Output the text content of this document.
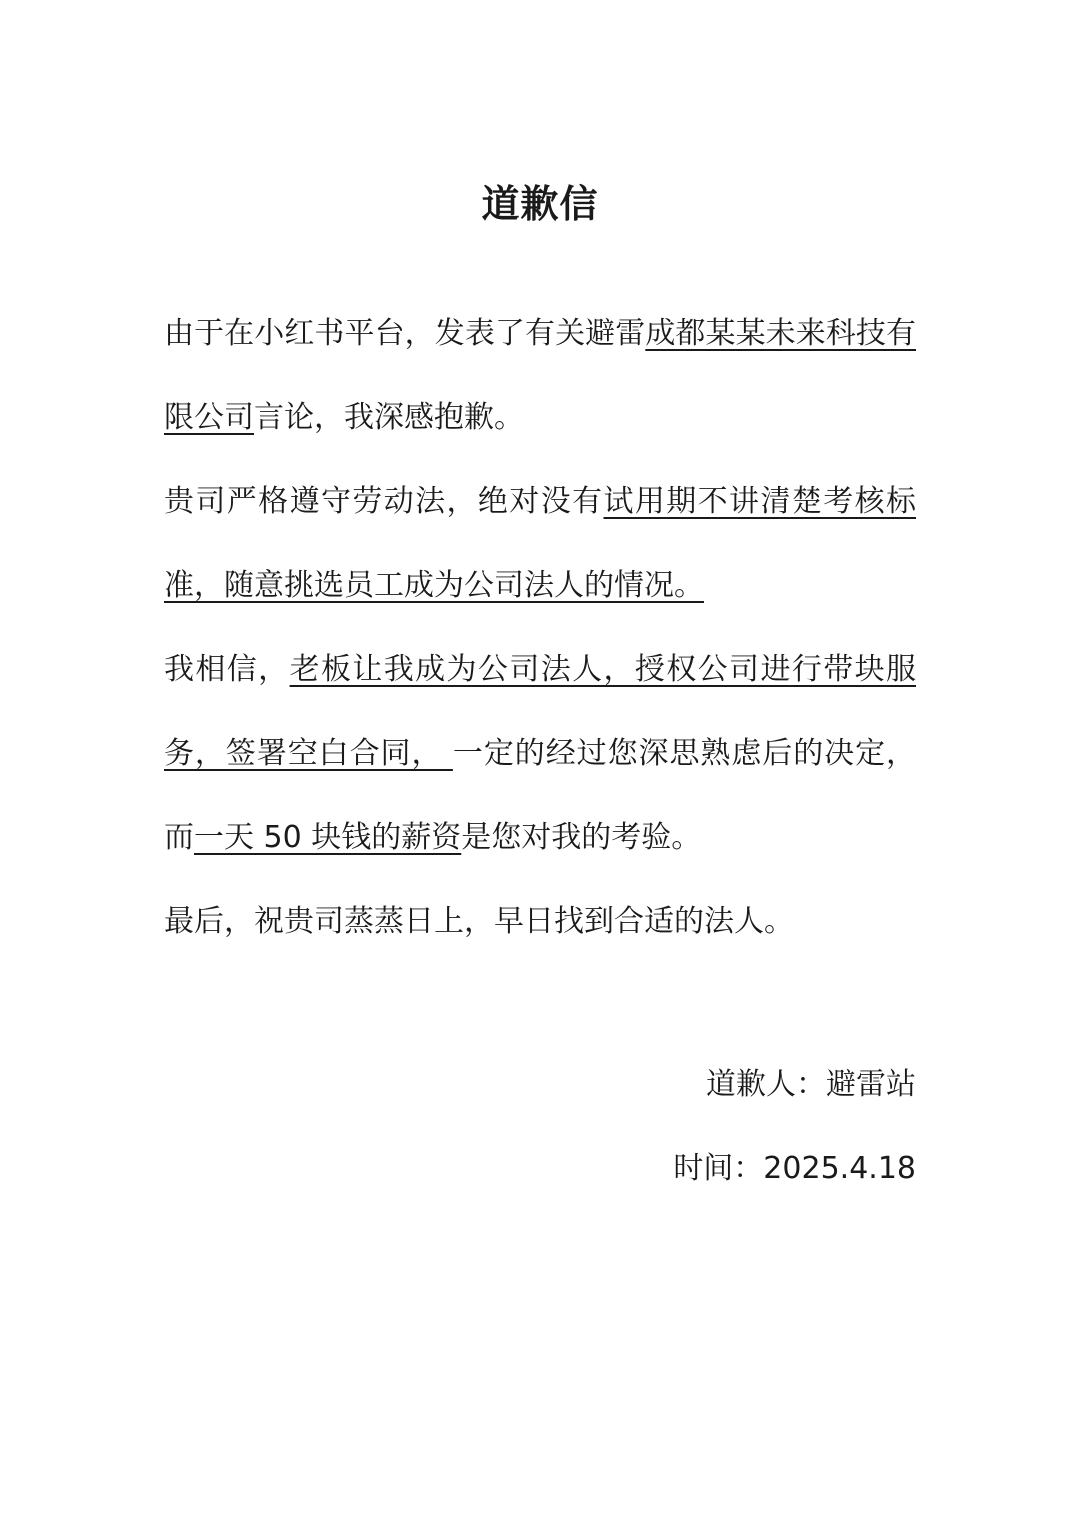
道歉信

由于在小红书平台，发表了有关避雷成都某某未来科技有限公司言论，我深感抱歉。

贵司严格遵守劳动法，绝对没有试用期不讲清楚考核标准，随意挑选员工成为公司法人的情况。

我相信，老板让我成为公司法人，授权公司进行带块服务，签署空白合同， 一定的经过您深思熟虑后的决定，而一天 50 块钱的薪资是您对我的考验。

最后，祝贵司蒸蒸日上，早日找到合适的法人。

道歉人：避雷站
时间：2025.4.18
